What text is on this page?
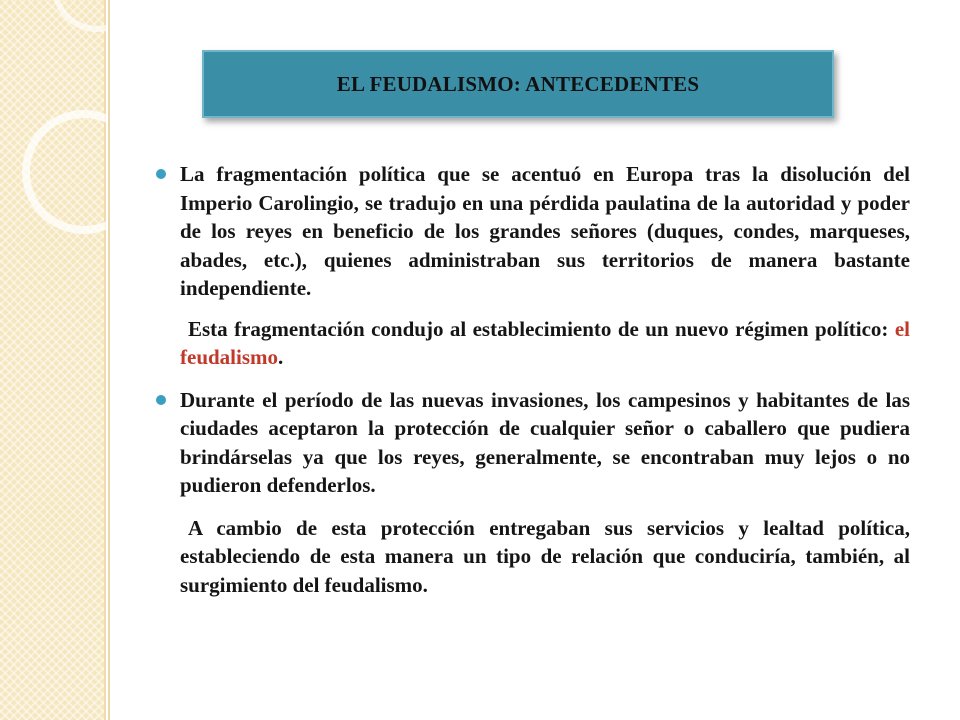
EL FEUDALISMO: ANTECEDENTES
La fragmentación política que se acentuó en Europa tras la disolución del Imperio Carolingio, se tradujo en una pérdida paulatina de la autoridad y poder de los reyes en beneficio de los grandes señores (duques, condes, marqueses, abades, etc.), quienes administraban sus territorios de manera bastante independiente.
Esta fragmentación condujo al establecimiento de un nuevo régimen político: el feudalismo.
Durante el período de las nuevas invasiones, los campesinos y habitantes de las ciudades aceptaron la protección de cualquier señor o caballero que pudiera brindárselas ya que los reyes, generalmente, se encontraban muy lejos o no pudieron defenderlos.
A cambio de esta protección entregaban sus servicios y lealtad política, estableciendo de esta manera un tipo de relación que conduciría, también, al surgimiento del feudalismo.
